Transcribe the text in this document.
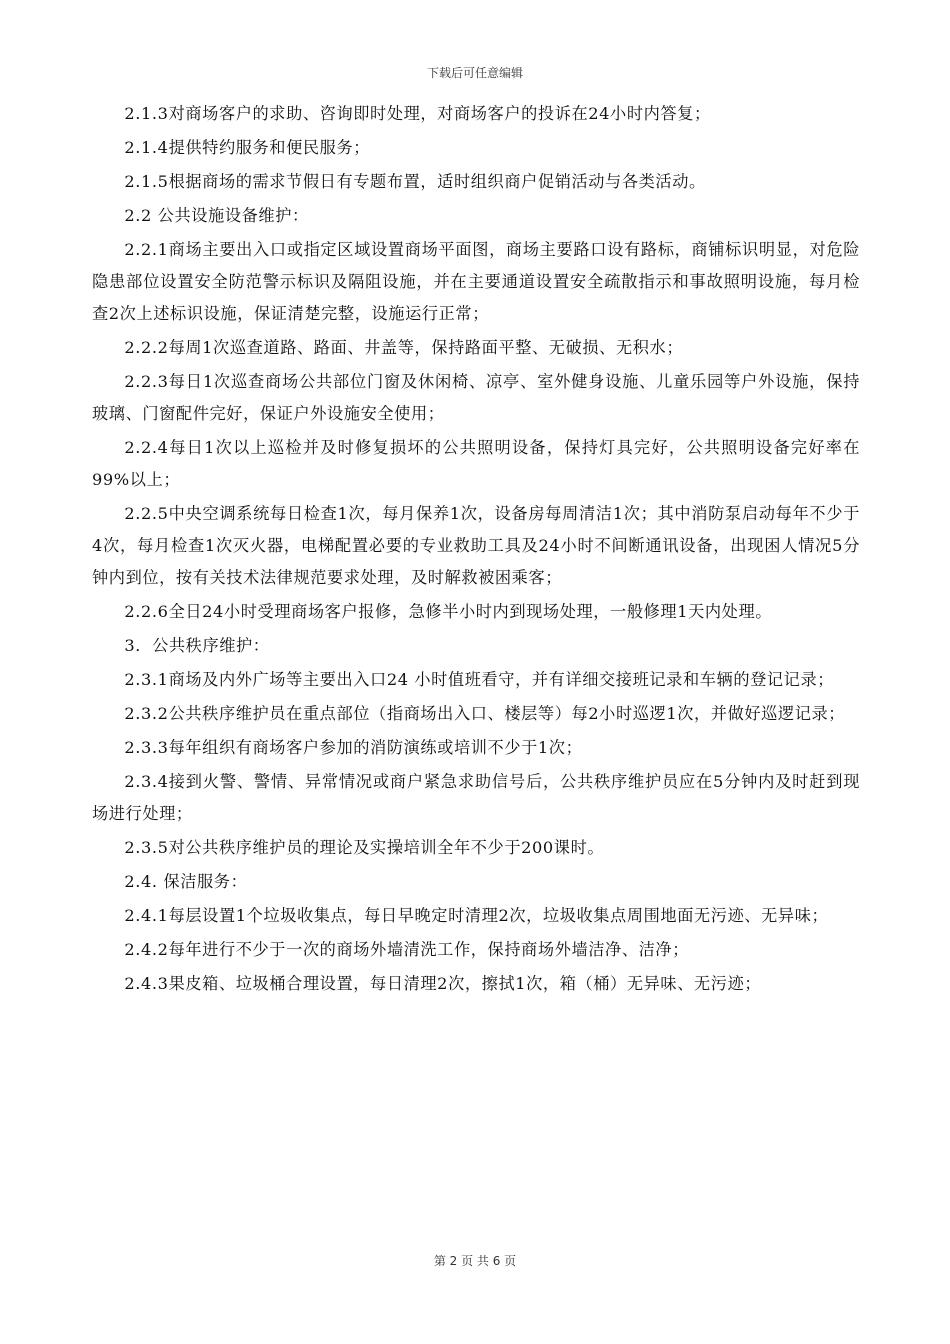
下载后可任意编辑

2.1.3对商场客户的求助、咨询即时处理，对商场客户的投诉在24小时内答复；

2.1.4提供特约服务和便民服务；

2.1.5根据商场的需求节假日有专题布置，适时组织商户促销活动与各类活动。

2.2 公共设施设备维护：

2.2.1商场主要出入口或指定区域设置商场平面图，商场主要路口设有路标，商铺标识明显，对危险隐患部位设置安全防范警示标识及隔阻设施，并在主要通道设置安全疏散指示和事故照明设施，每月检查2次上述标识设施，保证清楚完整，设施运行正常；

2.2.2每周1次巡查道路、路面、井盖等，保持路面平整、无破损、无积水；

2.2.3每日1次巡查商场公共部位门窗及休闲椅、凉亭、室外健身设施、儿童乐园等户外设施，保持玻璃、门窗配件完好，保证户外设施安全使用；

2.2.4每日1次以上巡检并及时修复损坏的公共照明设备，保持灯具完好，公共照明设备完好率在99%以上；

2.2.5中央空调系统每日检查1次，每月保养1次，设备房每周清洁1次；其中消防泵启动每年不少于4次，每月检查1次灭火器，电梯配置必要的专业救助工具及24小时不间断通讯设备，出现困人情况5分钟内到位，按有关技术法律规范要求处理，及时解救被困乘客；

2.2.6全日24小时受理商场客户报修，急修半小时内到现场处理，一般修理1天内处理。

3．公共秩序维护：

2.3.1商场及内外广场等主要出入口24 小时值班看守，并有详细交接班记录和车辆的登记记录；

2.3.2公共秩序维护员在重点部位（指商场出入口、楼层等）每2小时巡逻1次，并做好巡逻记录；

2.3.3每年组织有商场客户参加的消防演练或培训不少于1次；

2.3.4接到火警、警情、异常情况或商户紧急求助信号后，公共秩序维护员应在5分钟内及时赶到现场进行处理；

2.3.5对公共秩序维护员的理论及实操培训全年不少于200课时。

2.4. 保洁服务：

2.4.1每层设置1个垃圾收集点，每日早晚定时清理2次，垃圾收集点周围地面无污迹、无异味；

2.4.2每年进行不少于一次的商场外墙清洗工作，保持商场外墙洁净、洁净；

2.4.3果皮箱、垃圾桶合理设置，每日清理2次，擦拭1次，箱（桶）无异味、无污迹；

第 2 页 共 6 页
